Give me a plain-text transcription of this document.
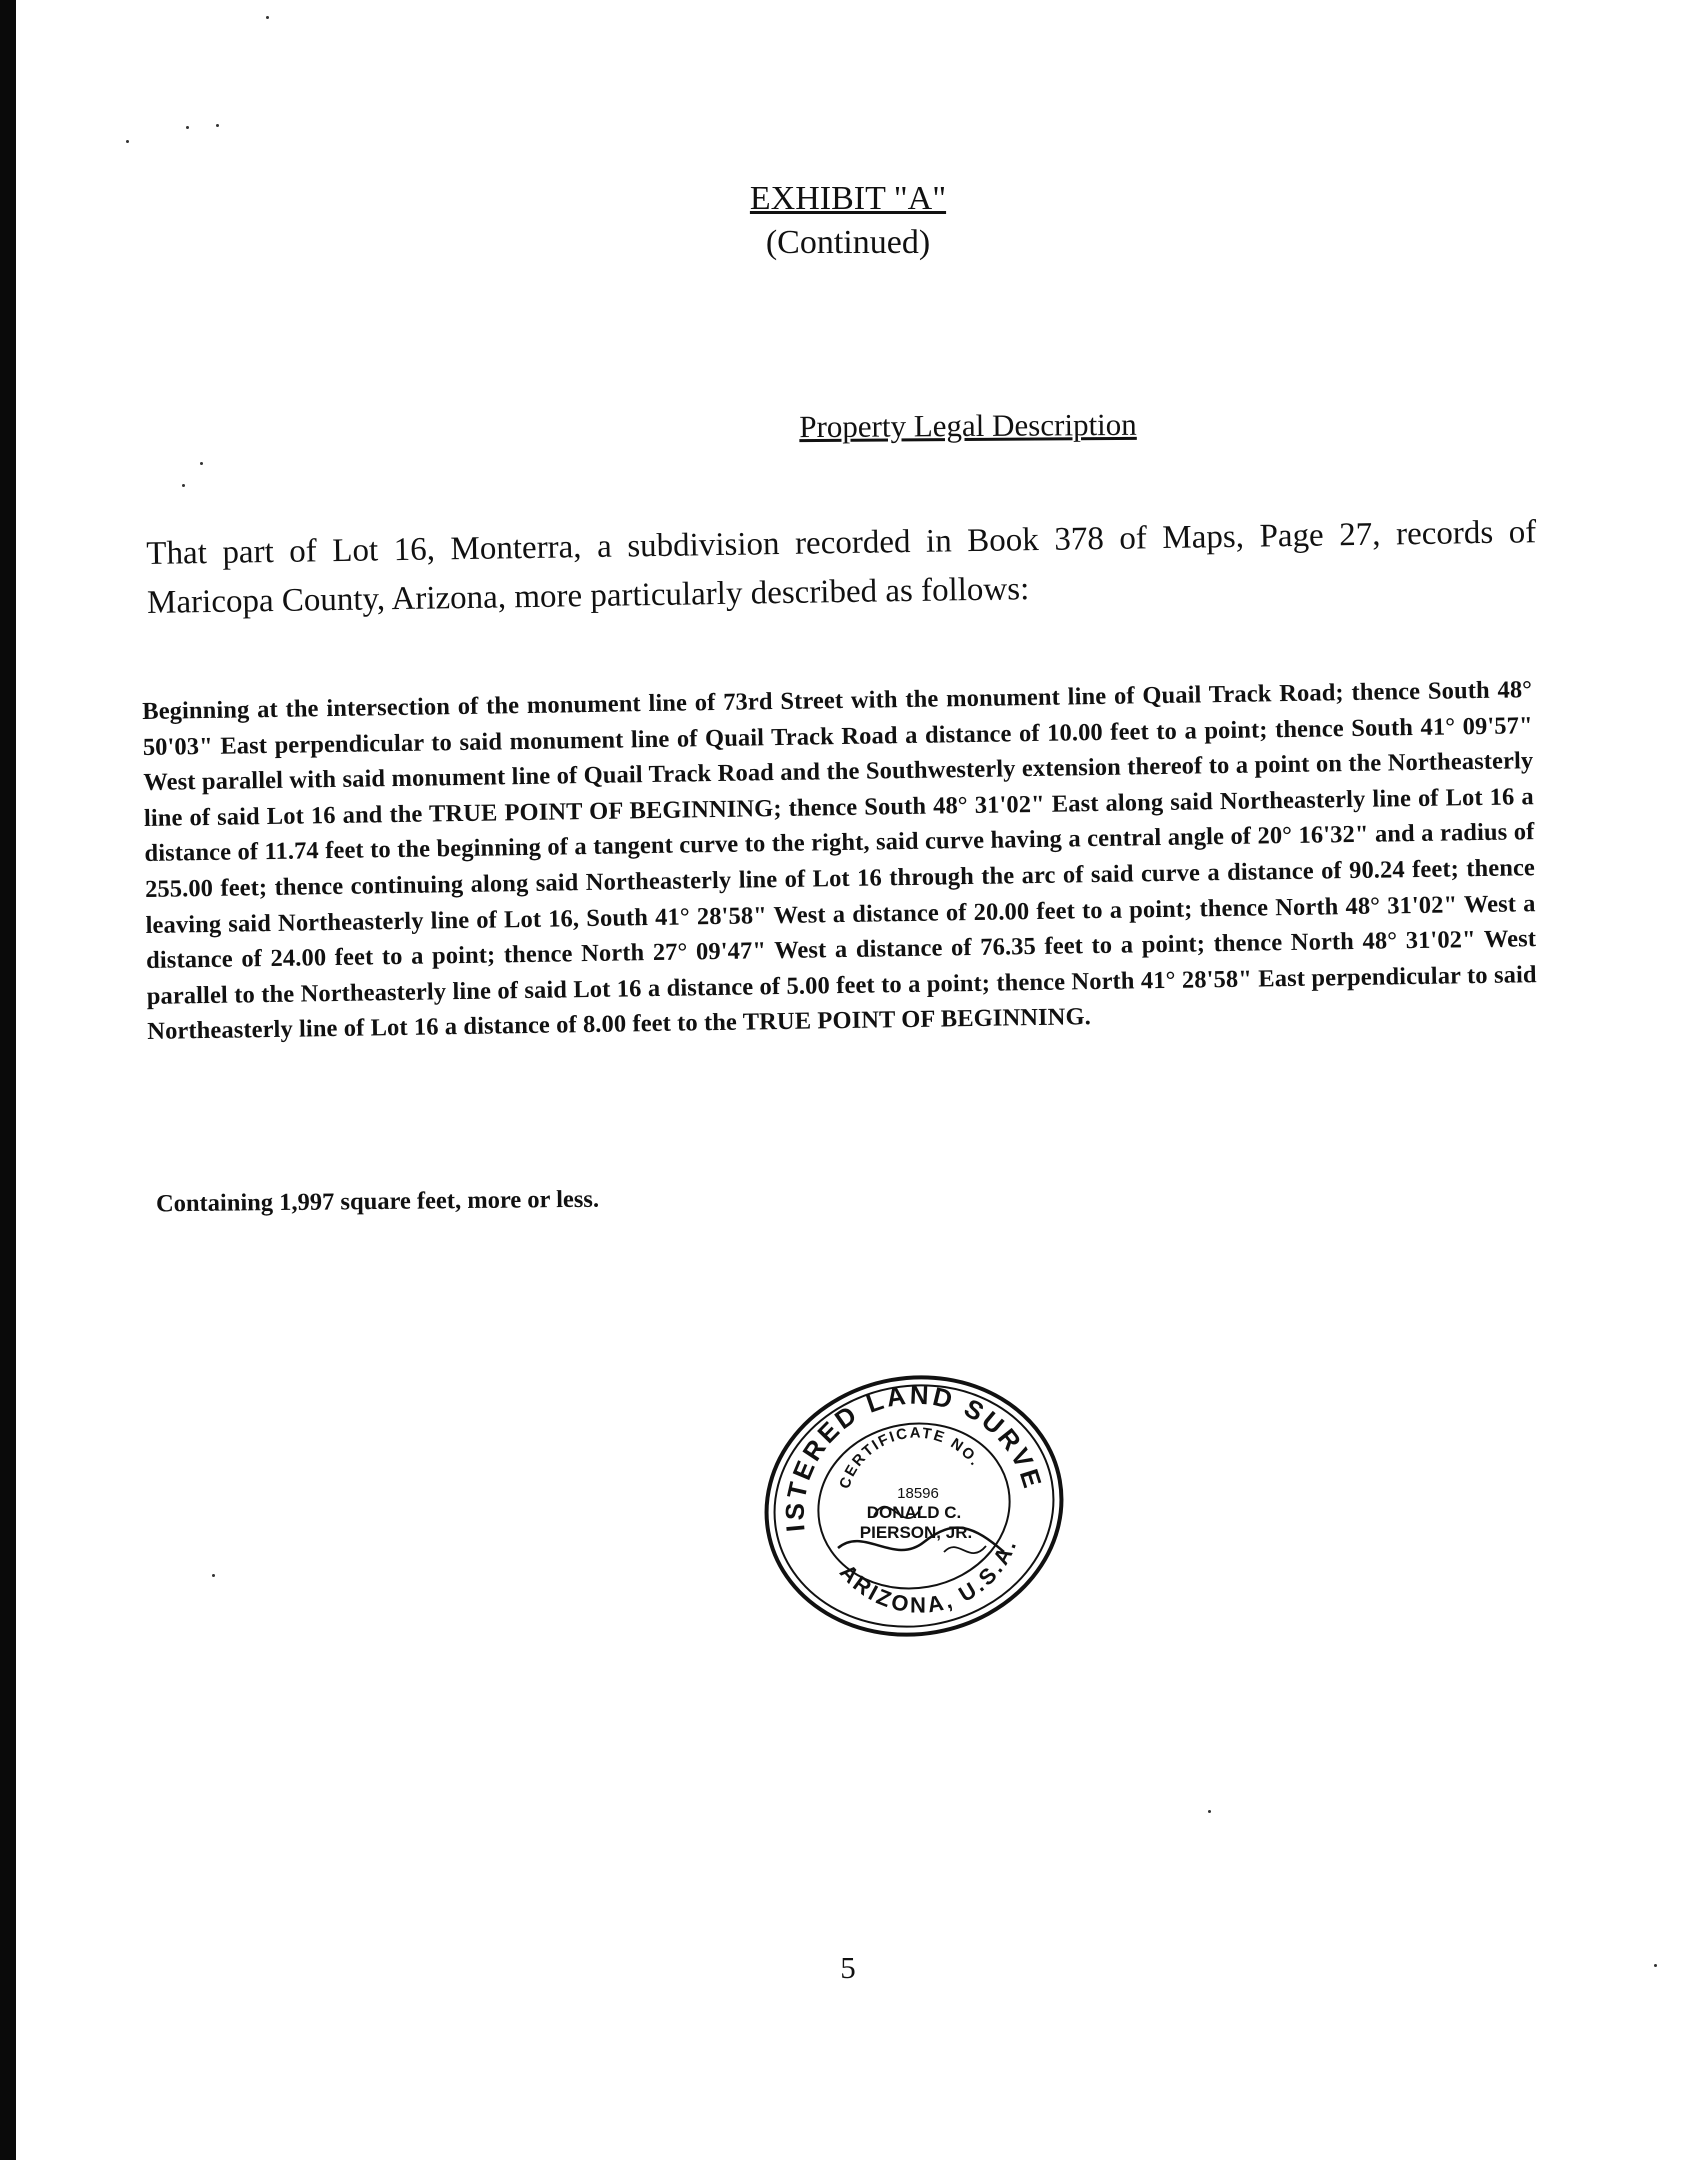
EXHIBIT "A"
(Continued)
Property Legal Description
That part of Lot 16, Monterra, a subdivision recorded in Book 378 of Maps, Page 27, records of Maricopa County, Arizona, more particularly described as follows:
Beginning at the intersection of the monument line of 73rd Street with the monument line of Quail Track Road; thence South 48° 50'03" East perpendicular to said monument line of Quail Track Road a distance of 10.00 feet to a point; thence South 41° 09'57" West parallel with said monument line of Quail Track Road and the Southwesterly extension thereof to a point on the Northeasterly line of said Lot 16 and the TRUE POINT OF BEGINNING; thence South 48° 31'02" East along said Northeasterly line of Lot 16 a distance of 11.74 feet to the beginning of a tangent curve to the right, said curve having a central angle of 20° 16'32" and a radius of 255.00 feet; thence continuing along said Northeasterly line of Lot 16 through the arc of said curve a distance of 90.24 feet; thence leaving said Northeasterly line of Lot 16, South 41° 28'58" West a distance of 20.00 feet to a point; thence North 48° 31'02" West a distance of 24.00 feet to a point; thence North 27° 09'47" West a distance of 76.35 feet to a point; thence North 48° 31'02" West parallel to the Northeasterly line of said Lot 16 a distance of 5.00 feet to a point; thence North 41° 28'58" East perpendicular to said Northeasterly line of Lot 16 a distance of 8.00 feet to the TRUE POINT OF BEGINNING.
Containing 1,997 square feet, more or less.
REGISTERED LAND SURVEYOR
CERTIFICATE NO.
ARIZONA, U.S.A.
18596
DONALD C.
PIERSON, JR.
5
